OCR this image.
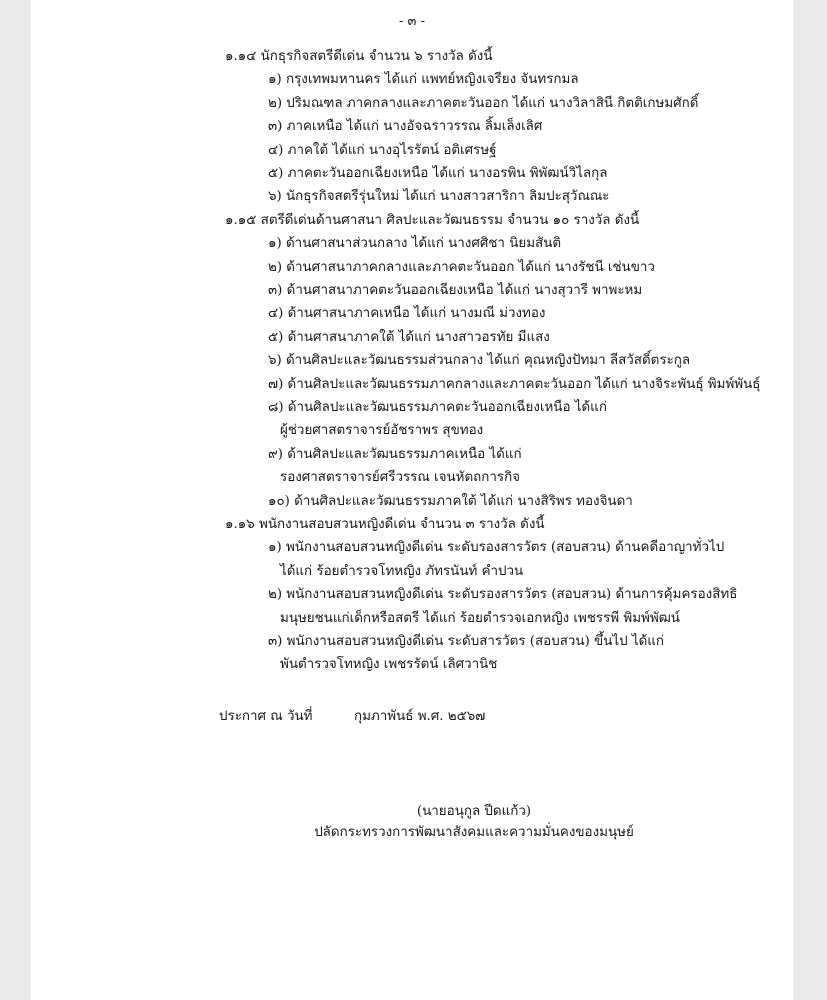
- ๓ -
๑.๑๔ นักธุรกิจสตรีดีเด่น จำนวน ๖ รางวัล ดังนี้
๑) กรุงเทพมหานคร ได้แก่ แพทย์หญิงเจรียง จันทรกมล
๒) ปริมณฑล ภาคกลางและภาคตะวันออก ได้แก่ นางวิลาสินี กิตติเกษมศักดิ์
๓) ภาคเหนือ ได้แก่ นางอัจฉราวรรณ ลิ้มเล็งเลิศ
๔) ภาคใต้ ได้แก่ นางอุไรรัตน์ อติเศรษฐ์
๕) ภาคตะวันออกเฉียงเหนือ ได้แก่ นางอรพิน พิพัฒน์วิไลกุล
๖) นักธุรกิจสตรีรุ่นใหม่ ได้แก่ นางสาวสาริกา ลิมปะสุวัณณะ
๑.๑๕ สตรีดีเด่นด้านศาสนา ศิลปะและวัฒนธรรม จำนวน ๑๐ รางวัล ดังนี้
๑) ด้านศาสนาส่วนกลาง ได้แก่ นางศศิชา นิยมสันติ
๒) ด้านศาสนาภาคกลางและภาคตะวันออก ได้แก่ นางรัชนี เช่นขาว
๓) ด้านศาสนาภาคตะวันออกเฉียงเหนือ ได้แก่ นางสุวารี พาพะหม
๔) ด้านศาสนาภาคเหนือ ได้แก่ นางมณี ม่วงทอง
๕) ด้านศาสนาภาคใต้ ได้แก่ นางสาวอรทัย มีแสง
๖) ด้านศิลปะและวัฒนธรรมส่วนกลาง ได้แก่ คุณหญิงปัทมา ลีสวัสดิ์ตระกูล
๗) ด้านศิลปะและวัฒนธรรมภาคกลางและภาคตะวันออก ได้แก่ นางจิระพันธุ์ พิมพ์พันธุ์
๘) ด้านศิลปะและวัฒนธรรมภาคตะวันออกเฉียงเหนือ ได้แก่
ผู้ช่วยศาสตราจารย์อัชราพร สุขทอง
๙) ด้านศิลปะและวัฒนธรรมภาคเหนือ ได้แก่
รองศาสตราจารย์ศรีวรรณ เจนหัตถการกิจ
๑๐) ด้านศิลปะและวัฒนธรรมภาคใต้ ได้แก่ นางสิริพร ทองจินดา
๑.๑๖ พนักงานสอบสวนหญิงดีเด่น จำนวน ๓ รางวัล ดังนี้
๑) พนักงานสอบสวนหญิงดีเด่น ระดับรองสารวัตร (สอบสวน) ด้านคดีอาญาทั่วไป
ได้แก่ ร้อยตำรวจโทหญิง ภัทรนันท์ คำปวน
๒) พนักงานสอบสวนหญิงดีเด่น ระดับรองสารวัตร (สอบสวน) ด้านการคุ้มครองสิทธิ
มนุษยชนแก่เด็กหรือสตรี ได้แก่ ร้อยตำรวจเอกหญิง เพชรรพี พิมพ์พัฒน์
๓) พนักงานสอบสวนหญิงดีเด่น ระดับสารวัตร (สอบสวน) ขึ้นไป ได้แก่
พันตำรวจโทหญิง เพชรรัตน์ เลิศวานิช
ประกาศ ณ วันที่	กุมภาพันธ์ พ.ศ. ๒๕๖๗
(นายอนุกูล ปีดแก้ว)
ปลัดกระทรวงการพัฒนาสังคมและความมั่นคงของมนุษย์
